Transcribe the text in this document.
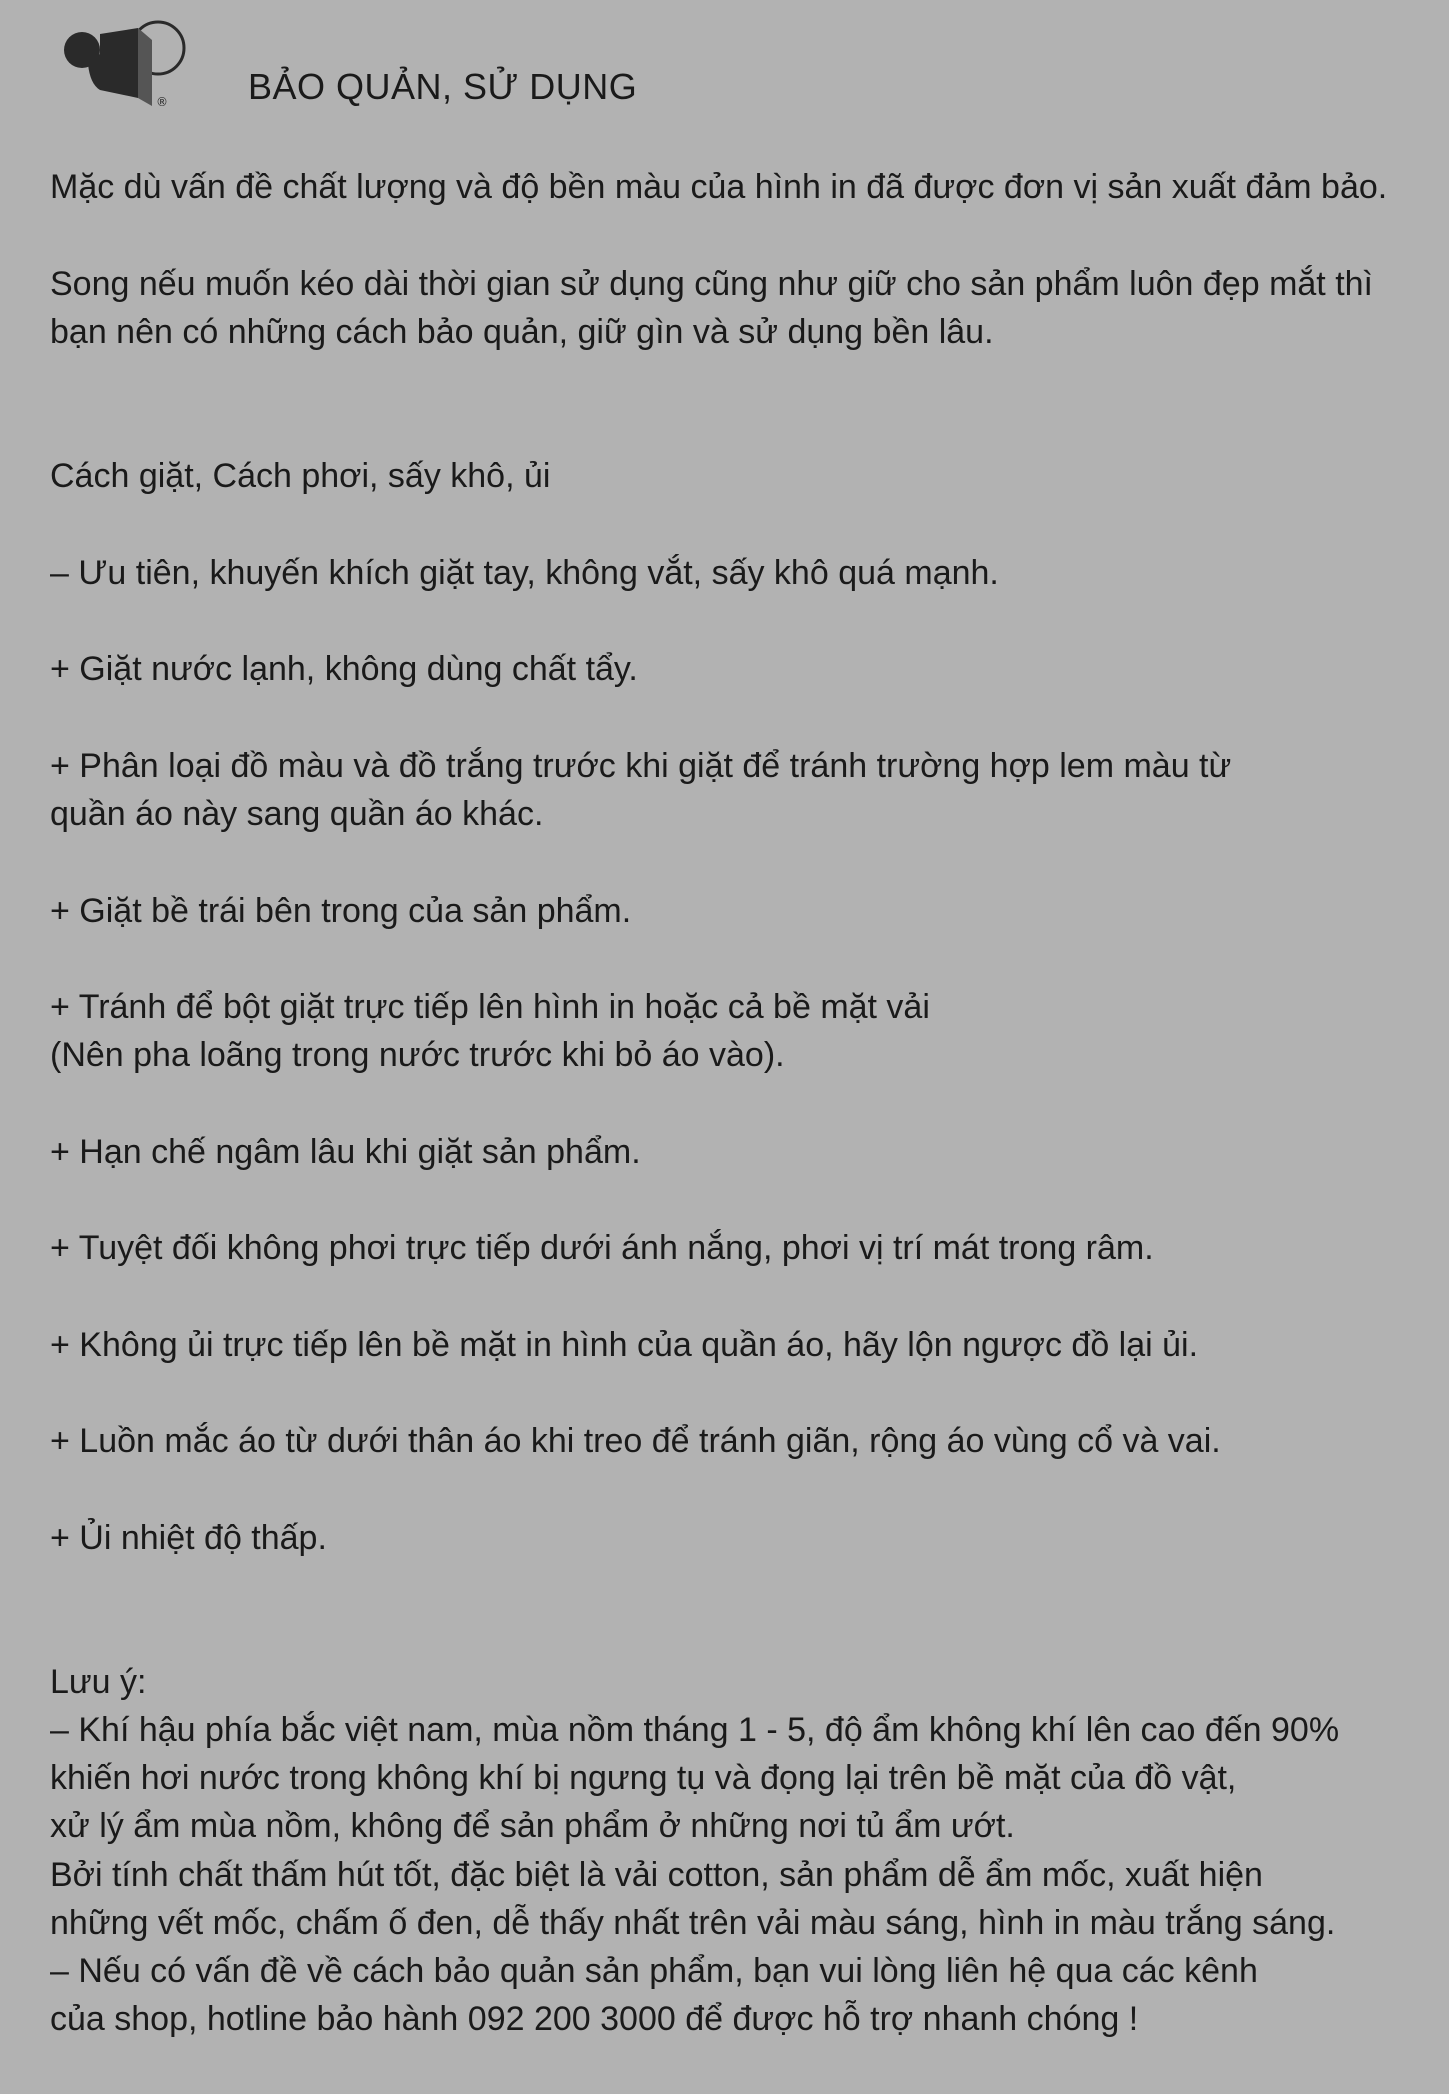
® BẢO QUẢN, SỬ DỤNG
Mặc dù vấn đề chất lượng và độ bền màu của hình in đã được đơn vị sản xuất đảm bảo.
Song nếu muốn kéo dài thời gian sử dụng cũng như giữ cho sản phẩm luôn đẹp mắt thì
bạn nên có những cách bảo quản, giữ gìn và sử dụng bền lâu.
Cách giặt, Cách phơi, sấy khô, ủi
– Ưu tiên, khuyến khích giặt tay, không vắt, sấy khô quá mạnh.
+ Giặt nước lạnh, không dùng chất tẩy.
+ Phân loại đồ màu và đồ trắng trước khi giặt để tránh trường hợp lem màu từ
quần áo này sang quần áo khác.
+ Giặt bề trái bên trong của sản phẩm.
+ Tránh để bột giặt trực tiếp lên hình in hoặc cả bề mặt vải
(Nên pha loãng trong nước trước khi bỏ áo vào).
+ Hạn chế ngâm lâu khi giặt sản phẩm.
+ Tuyệt đối không phơi trực tiếp dưới ánh nắng, phơi vị trí mát trong râm.
+ Không ủi trực tiếp lên bề mặt in hình của quần áo, hãy lộn ngược đồ lại ủi.
+ Luồn mắc áo từ dưới thân áo khi treo để tránh giãn, rộng áo vùng cổ và vai.
+ Ủi nhiệt độ thấp.
Lưu ý:
– Khí hậu phía bắc việt nam, mùa nồm tháng 1 - 5, độ ẩm không khí lên cao đến 90%
khiến hơi nước trong không khí bị ngưng tụ và đọng lại trên bề mặt của đồ vật,
xử lý ẩm mùa nồm, không để sản phẩm ở những nơi tủ ẩm ướt.
Bởi tính chất thấm hút tốt, đặc biệt là vải cotton, sản phẩm dễ ẩm mốc, xuất hiện
những vết mốc, chấm ố đen, dễ thấy nhất trên vải màu sáng, hình in màu trắng sáng.
– Nếu có vấn đề về cách bảo quản sản phẩm, bạn vui lòng liên hệ qua các kênh
của shop, hotline bảo hành 092 200 3000 để được hỗ trợ nhanh chóng !
